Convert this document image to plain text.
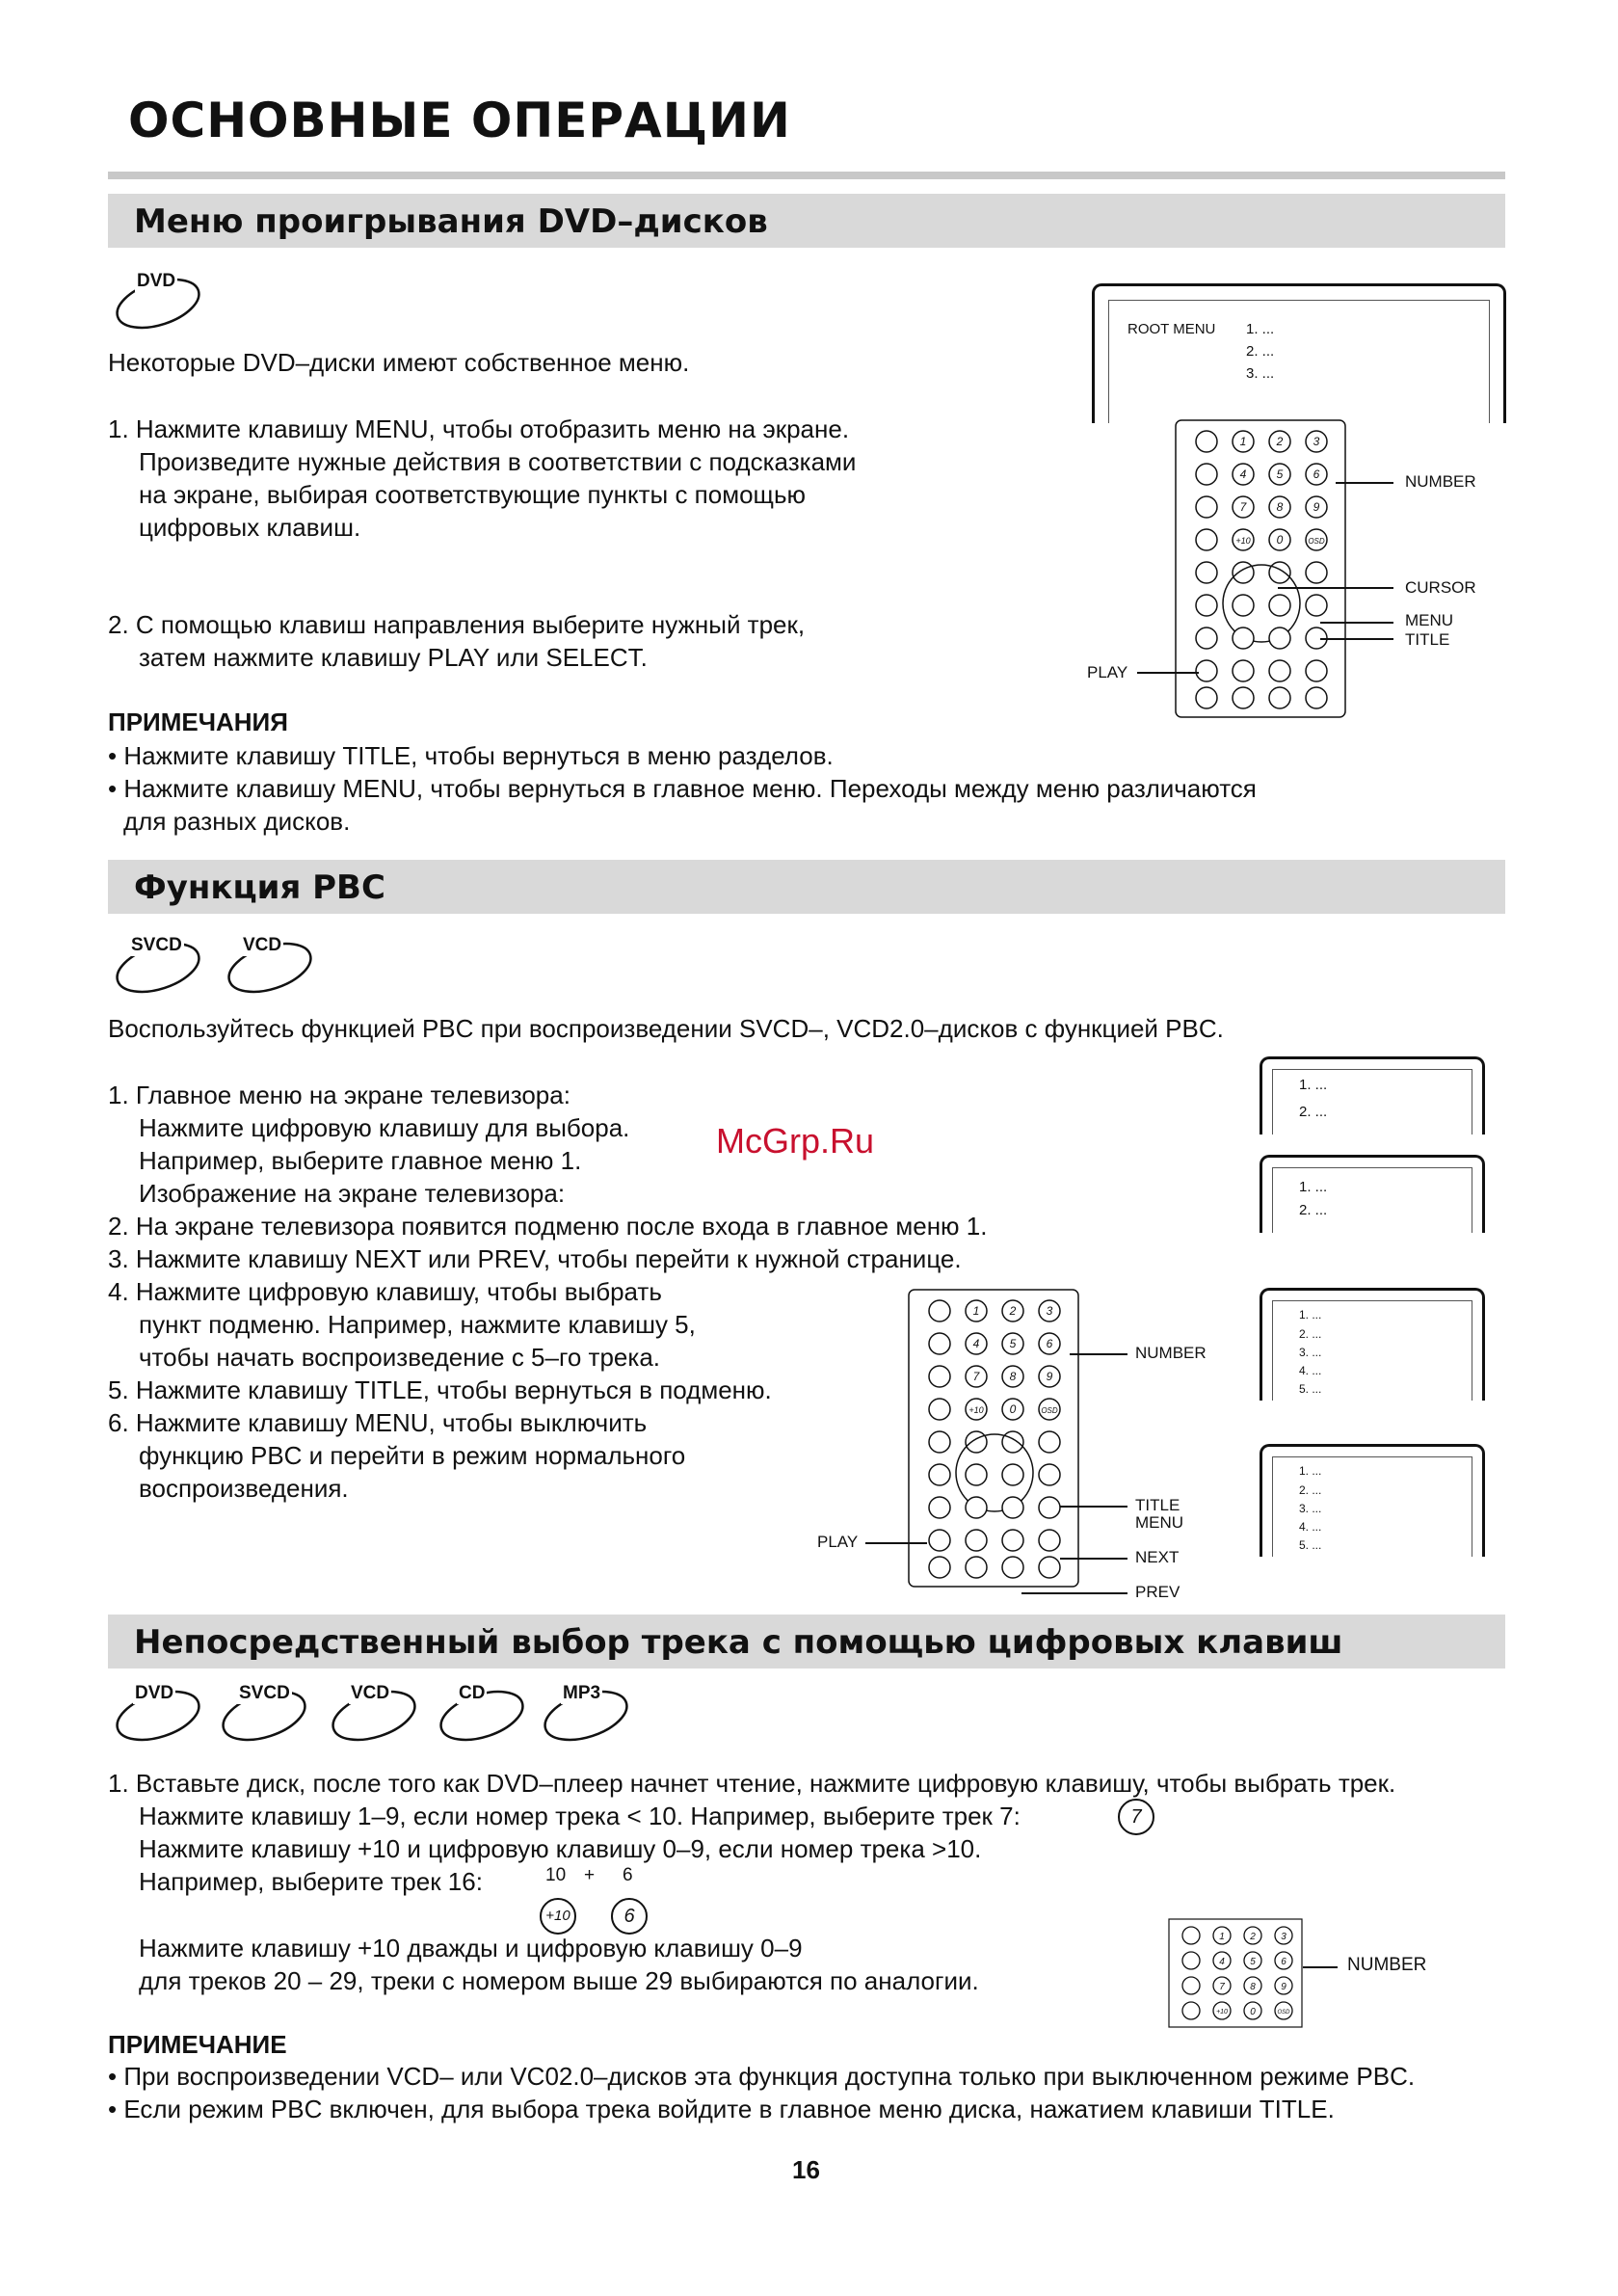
ОСНОВНЫЕ ОПЕРАЦИИ
Меню проигрывания DVD–дисков
DVD
Некоторые DVD–диски имеют собственное меню.
1. Нажмите клавишу MENU, чтобы отобразить меню на экране.
Произведите нужные действия в соответствии с подсказками
на экране, выбирая соответствующие пункты с помощью
цифровых клавиш.
2. С помощью клавиш направления выберите нужный трек,
затем нажмите клавишу PLAY или SELECT.
ПРИМЕЧАНИЯ
• Нажмите клавишу TITLE, чтобы вернуться в меню разделов.
• Нажмите клавишу MENU, чтобы вернуться в главное меню. Переходы между меню различаются
для разных дисков.
ROOT MENU 1. ...
2. ...
3. ...
1	2	3
4	5	6
7	8	9
+10 0	OSD
NUMBER
CURSOR
MENU
TITLE
PLAY
Функция PBC
SVCD	VCD
Воспользуйтесь функцией PBC при воспроизведении SVCD–, VCD2.0–дисков с функцией PBC.
1. Главное меню на экране телевизора:
Нажмите цифровую клавишу для выбора.
Например, выберите главное меню 1.
Изображение на экране телевизора:
2. На экране телевизора появится подменю после входа в главное меню 1.
3. Нажмите клавишу NEXT или PREV, чтобы перейти к нужной странице.
4. Нажмите цифровую клавишу, чтобы выбрать
пункт подменю. Например, нажмите клавишу 5,
чтобы начать воспроизведение с 5–го трека.
5. Нажмите клавишу TITLE, чтобы вернуться в подменю.
6. Нажмите клавишу MENU, чтобы выключить
функцию PBC и перейти в режим нормального
воспроизведения.
McGrp.Ru
1. ...
2. ...
1. ...
2. ...
1. ...
2. ...
3. ...
4. ...
5. ...
1. ...
2. ...
3. ...
4. ...
5. ...
1	2	3
4	5	6
7	8	9
+10 0	OSD
NUMBER
TITLE
MENU
NEXT
PREV
PLAY
Непосредственный выбор трека с помощью цифровых клавиш
DVD	SVCD	VCD	CD	MP3
1. Вставьте диск, после того как DVD–плеер начнет чтение, нажмите цифровую клавишу, чтобы выбрать трек.
Нажмите клавишу 1–9, если номер трека < 10. Например, выберите трек 7:	7
Нажмите клавишу +10 и цифровую клавишу 0–9, если номер трека >10.
Например, выберите трек 16:	10 + 6
+10	6
Нажмите клавишу +10 дважды и цифровую клавишу 0–9
для треков 20 – 29, треки с номером выше 29 выбираются по аналогии.
1	2	3
4	5	6
7	8	9
+10 0	OSD
NUMBER
ПРИМЕЧАНИЕ
• При воспроизведении VCD– или VC02.0–дисков эта функция доступна только при выключенном режиме PBC.
• Если режим PBC включен, для выбора трека войдите в главное меню диска, нажатием клавиши TITLE.
16
